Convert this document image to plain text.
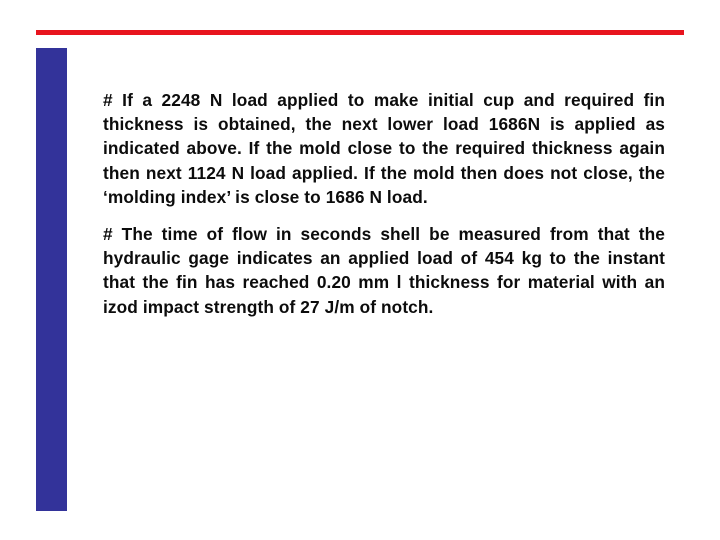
# If a 2248 N load applied to make initial cup and required fin thickness is obtained, the next lower load 1686N is applied as indicated above. If the mold close to the required thickness again then next 1124 N load applied. If the mold then does not close, the ‘molding index’ is close to 1686 N load.

# The time of flow in seconds shell be measured from that the hydraulic gage indicates an applied load of 454 kg to the instant that the fin has reached 0.20 mm l thickness for material with an izod impact strength of 27 J/m of notch.
